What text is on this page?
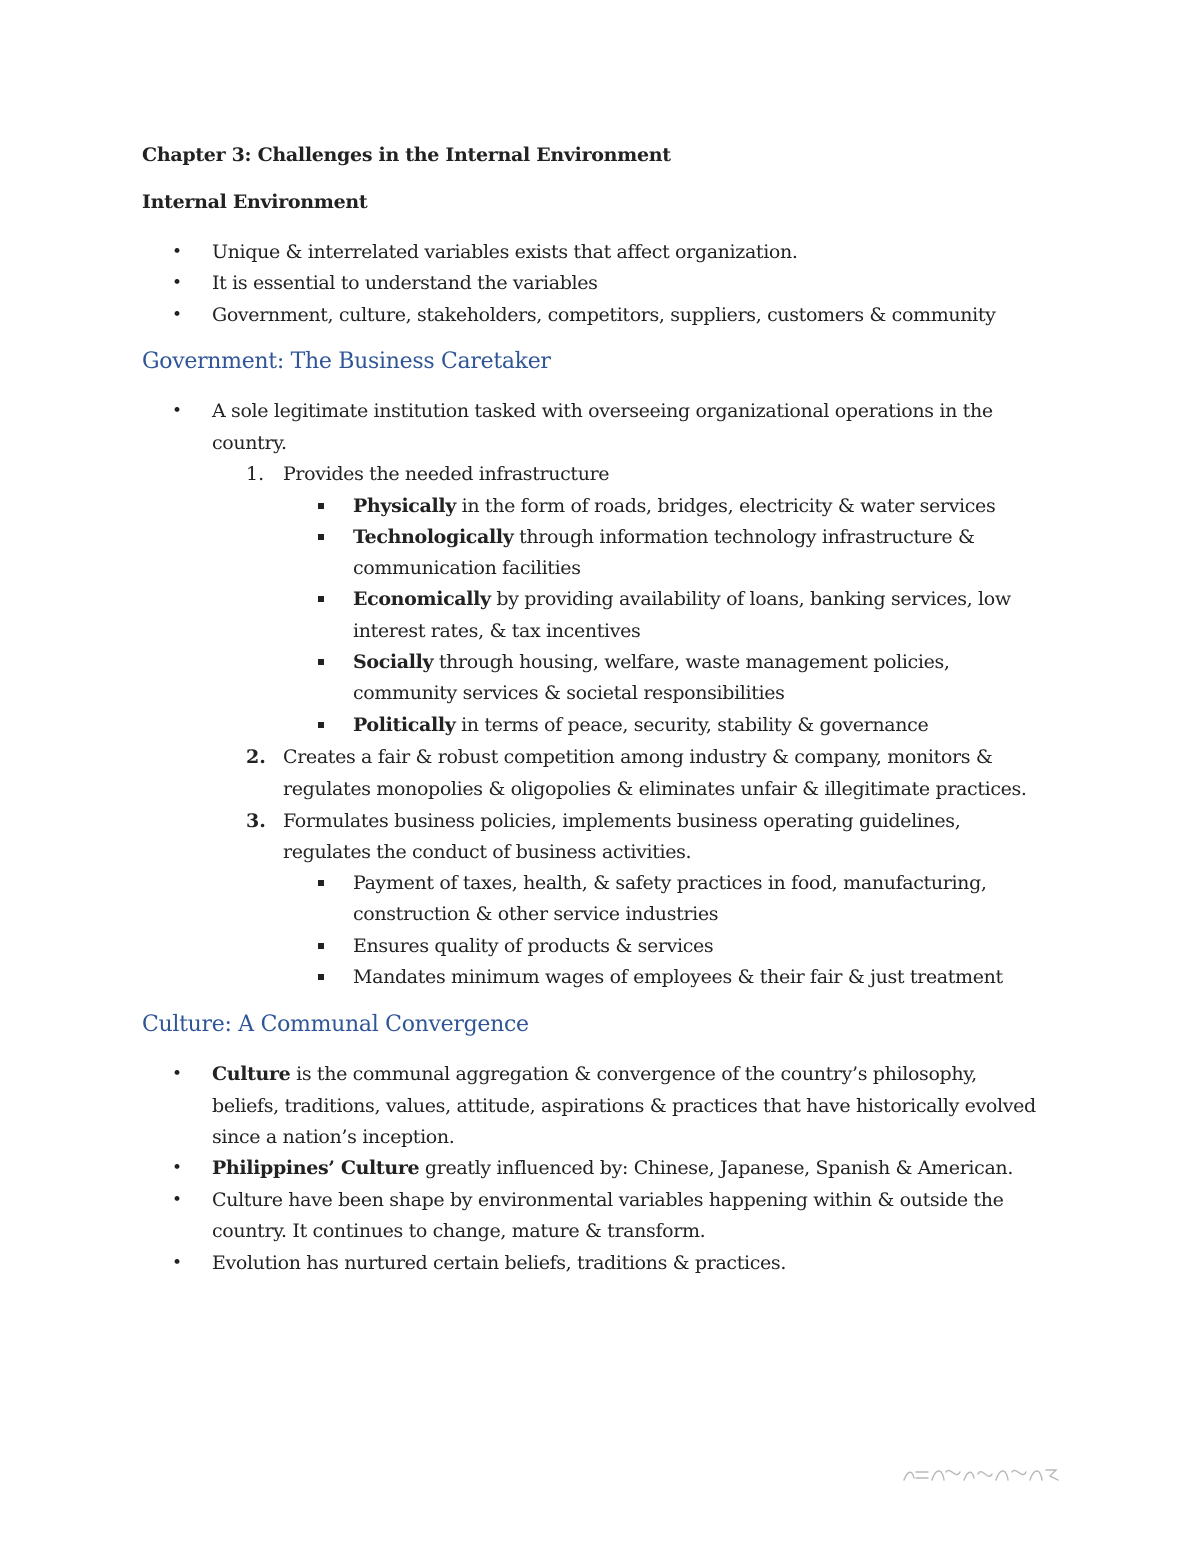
Chapter 3: Challenges in the Internal Environment
Internal Environment
• Unique & interrelated variables exists that affect organization.
• It is essential to understand the variables
• Government, culture, stakeholders, competitors, suppliers, customers & community
Government: The Business Caretaker
• A sole legitimate institution tasked with overseeing organizational operations in the
country.
1. Provides the needed infrastructure
Physically in the form of roads, bridges, electricity & water services
Technologically through information technology infrastructure &
communication facilities
Economically by providing availability of loans, banking services, low
interest rates, & tax incentives
Socially through housing, welfare, waste management policies,
community services & societal responsibilities
Politically in terms of peace, security, stability & governance
2. Creates a fair & robust competition among industry & company, monitors &
regulates monopolies & oligopolies & eliminates unfair & illegitimate practices.
3. Formulates business policies, implements business operating guidelines,
regulates the conduct of business activities.
Payment of taxes, health, & safety practices in food, manufacturing,
construction & other service industries
Ensures quality of products & services
Mandates minimum wages of employees & their fair & just treatment
Culture: A Communal Convergence
• Culture is the communal aggregation & convergence of the country’s philosophy,
beliefs, traditions, values, attitude, aspirations & practices that have historically evolved
since a nation’s inception.
• Philippines’ Culture greatly influenced by: Chinese, Japanese, Spanish & American.
• Culture have been shape by environmental variables happening within & outside the
country. It continues to change, mature & transform.
• Evolution has nurtured certain beliefs, traditions & practices.
